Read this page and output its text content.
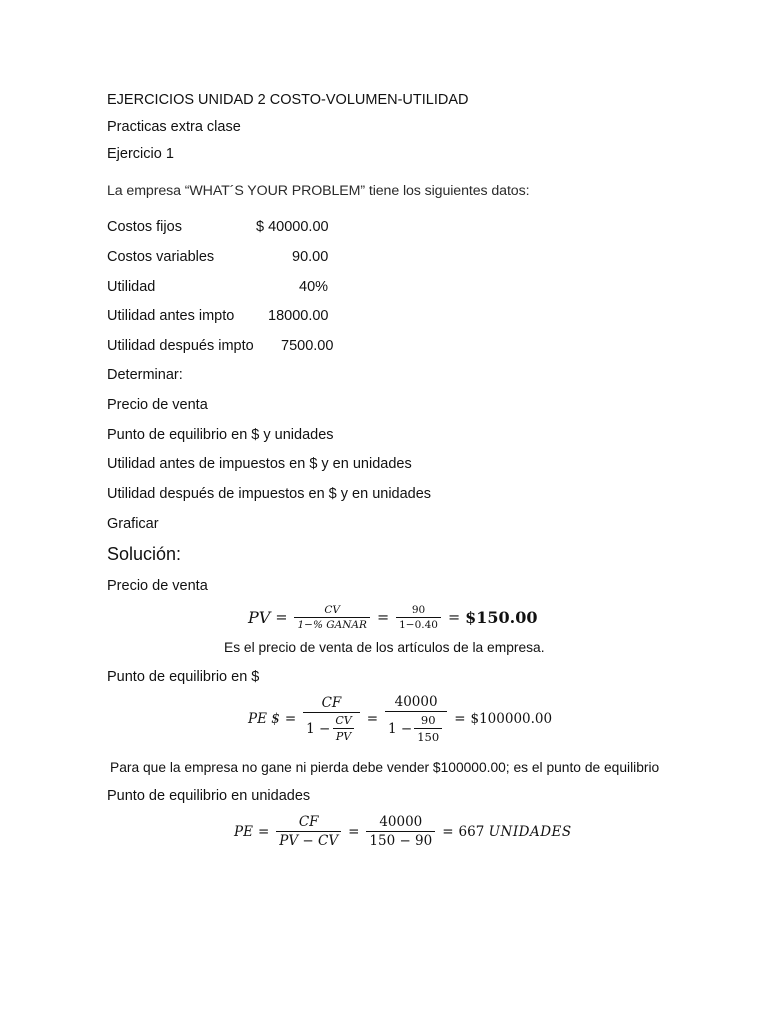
EJERCICIOS UNIDAD 2 COSTO-VOLUMEN-UTILIDAD
Practicas extra clase
Ejercicio 1
La empresa “WHAT´S YOUR PROBLEM” tiene los siguientes datos:
Costos fijos	$ 40000.00
Costos variables	90.00
Utilidad	40%
Utilidad antes impto 18000.00
Utilidad después impto 7500.00
Determinar:
Precio de venta
Punto de equilibrio en $ y unidades
Utilidad antes de impuestos en $ y en unidades
Utilidad después de impuestos en $ y en unidades
Graficar
Solución:
Precio de venta
PV = $\frac{CV}{\text{1−\% GANAR}} = \frac{90}{1-0.40}$ = $150.00
Es el precio de venta de los artículos de la empresa.
Punto de equilibrio en $
PE $ = $\frac{CF}{1 - \frac{CV}{PV}} = \frac{40000}{1 - \frac{90}{150}}$ = $100000.00
Para que la empresa no gane ni pierda debe vender $100000.00; es el punto de equilibrio
Punto de equilibrio en unidades
PE = $\frac{CF}{PV - CV} = \frac{40000}{150 - 90} = 667$ UNIDADES
